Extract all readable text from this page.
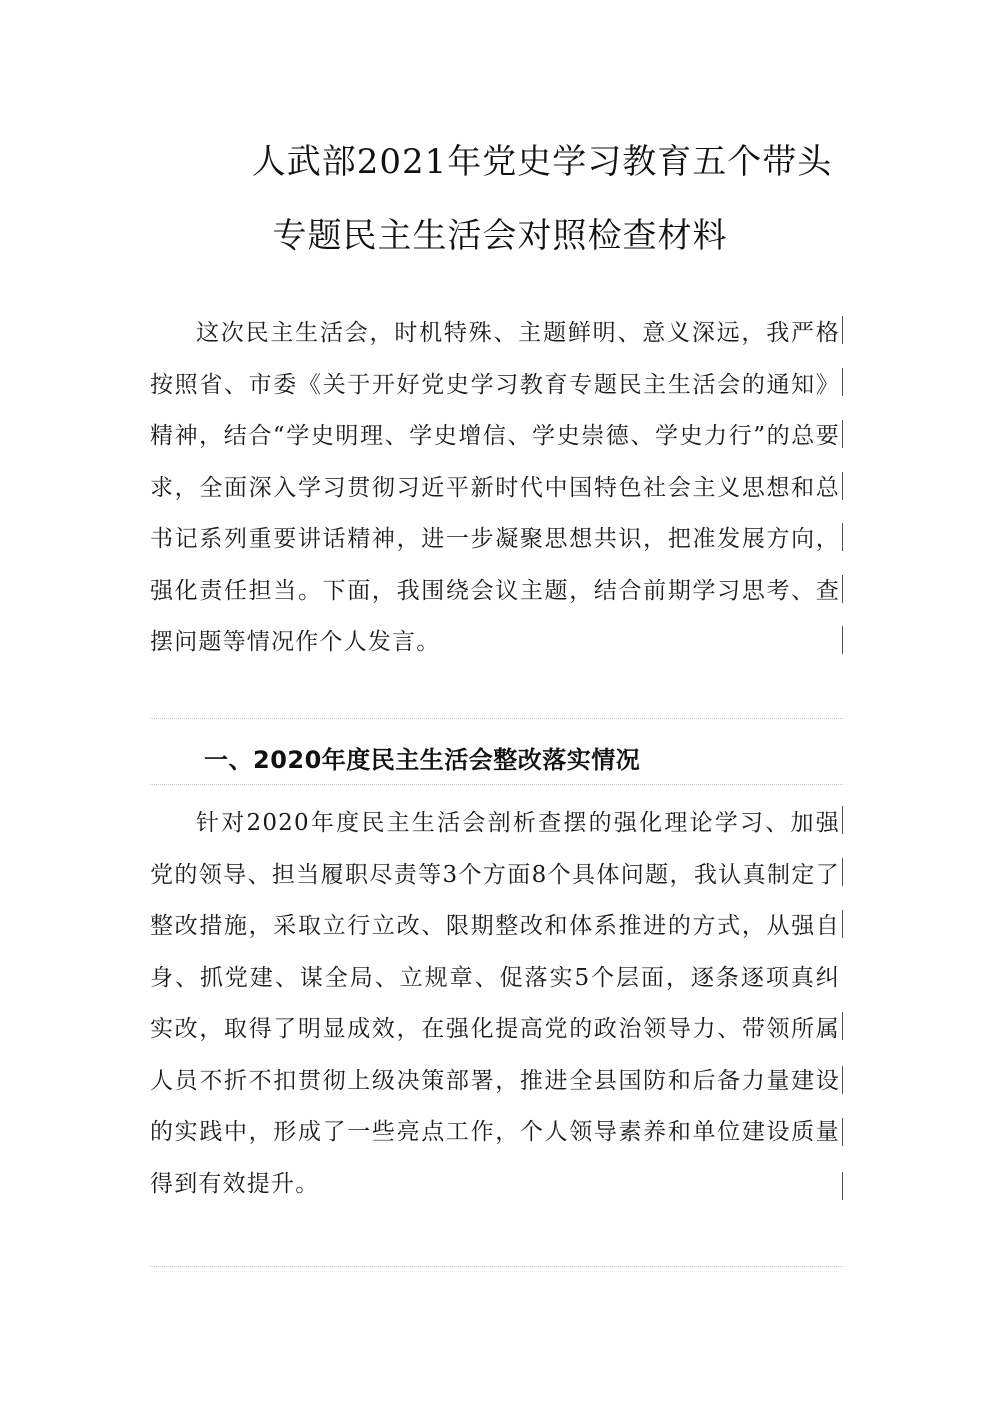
人武部2021年党史学习教育五个带头
专题民主生活会对照检查材料

这次民主生活会，时机特殊、主题鲜明、意义深远，我严格按照省、市委《关于开好党史学习教育专题民主生活会的通知》精神，结合“学史明理、学史增信、学史崇德、学史力行”的总要求，全面深入学习贯彻习近平新时代中国特色社会主义思想和总书记系列重要讲话精神，进一步凝聚思想共识，把准发展方向，强化责任担当。下面，我围绕会议主题，结合前期学习思考、查摆问题等情况作个人发言。

一、2020年度民主生活会整改落实情况

针对2020年度民主生活会剖析查摆的强化理论学习、加强党的领导、担当履职尽责等3个方面8个具体问题，我认真制定了整改措施，采取立行立改、限期整改和体系推进的方式，从强自身、抓党建、谋全局、立规章、促落实5个层面，逐条逐项真纠实改，取得了明显成效，在强化提高党的政治领导力、带领所属人员不折不扣贯彻上级决策部署，推进全县国防和后备力量建设的实践中，形成了一些亮点工作，个人领导素养和单位建设质量得到有效提升。
